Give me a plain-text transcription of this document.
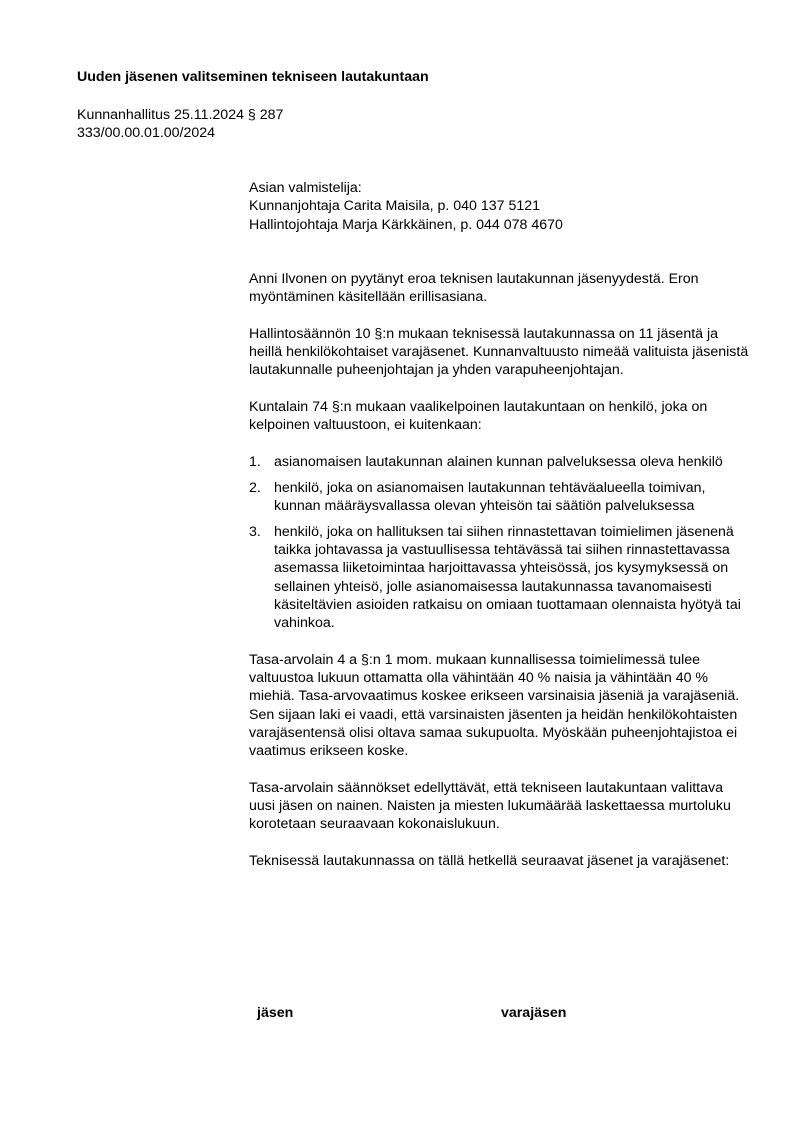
Uuden jäsenen valitseminen tekniseen lautakuntaan
Kunnanhallitus 25.11.2024 § 287
333/00.00.01.00/2024
Asian valmistelija:
Kunnanjohtaja Carita Maisila, p. 040 137 5121
Hallintojohtaja Marja Kärkkäinen, p. 044 078 4670

Anni Ilvonen on pyytänyt eroa teknisen lautakunnan jäsenyydestä. Eron myöntäminen käsitellään erillisasiana.

Hallintosäännön 10 §:n mukaan teknisessä lautakunnassa on 11 jäsentä ja heillä henkilökohtaiset varajäsenet. Kunnanvaltuusto nimeää valituista jäsenistä lautakunnalle puheenjohtajan ja yhden varapuheenjohtajan.

Kuntalain 74 §:n mukaan vaalikelpoinen lautakuntaan on henkilö, joka on kelpoinen valtuustoon, ei kuitenkaan:

1. asianomaisen lautakunnan alainen kunnan palveluksessa oleva henkilö
2. henkilö, joka on asianomaisen lautakunnan tehtäväalueella toimivan, kunnan määräysvallassa olevan yhteisön tai säätiön palveluksessa
3. henkilö, joka on hallituksen tai siihen rinnastettavan toimielimen jäsenenä taikka johtavassa ja vastuullisessa tehtävässä tai siihen rinnastettavassa asemassa liiketoimintaa harjoittavassa yhteisössä, jos kysymyksessä on sellainen yhteisö, jolle asianomaisessa lautakunnassa tavanomaisesti käsiteltävien asioiden ratkaisu on omiaan tuottamaan olennaista hyötyä tai vahinkoa.

Tasa-arvolain 4 a §:n 1 mom. mukaan kunnallisessa toimielimessä tulee valtuustoa lukuun ottamatta olla vähintään 40 % naisia ja vähintään 40 % miehiä. Tasa-arvovaatimus koskee erikseen varsinaisia jäseniä ja varajäseniä. Sen sijaan laki ei vaadi, että varsinaisten jäsenten ja heidän henkilökohtaisten varajäsentensä olisi oltava samaa sukupuolta. Myöskään puheenjohtajistoa ei vaatimus erikseen koske.

Tasa-arvolain säännökset edellyttävät, että tekniseen lautakuntaan valittava uusi jäsen on nainen. Naisten ja miesten lukumäärää laskettaessa murtoluku korotetaan seuraavaan kokonaislukuun.

Teknisessä lautakunnassa on tällä hetkellä seuraavat jäsenet ja varajäsenet:

jäsen	varajäsen
